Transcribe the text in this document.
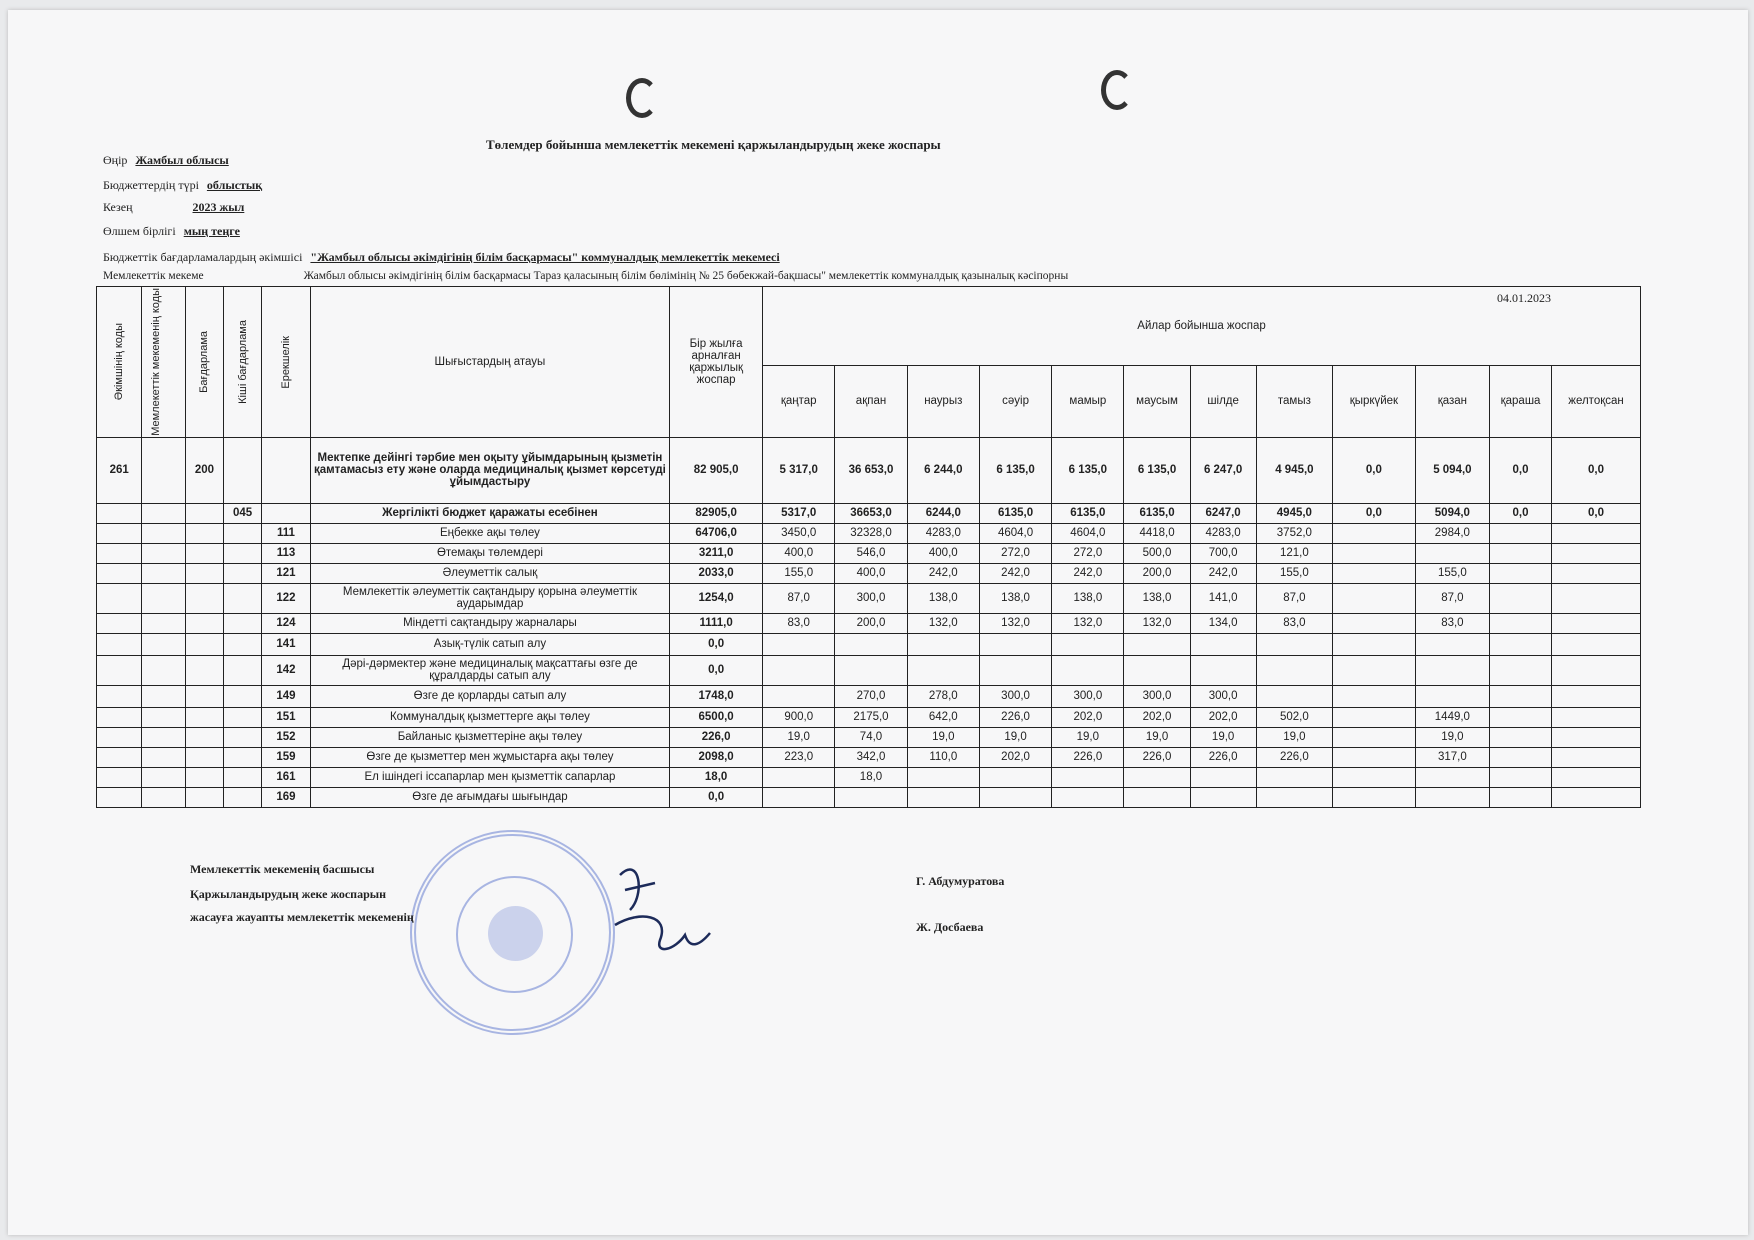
Төлемдер бойынша мемлекеттік мекемені қаржыландырудың жеке жоспары
Өңір Жамбыл облысы
Бюджеттердің түрі облыстық
Кезең	2023 жыл
Өлшем бірлігі мың теңге
Бюджеттік бағдарламалардың әкімшісі "Жамбыл облысы әкімдігінің білім басқармасы" коммуналдық мемлекеттік мекемесі
Мемлекеттік мекеме	Жамбыл облысы әкімдігінің білім басқармасы Тараз қаласының білім бөлімінің № 25 бөбекжай-бақшасы" мемлекеттік коммуналдық қазыналық кәсіпорны
04.01.2023
Әкімшінің коды	Мемлекеттік мекеменің коды	Бағдарлама	Кіші бағдарлама	Ерекшелік	Шығыстардың атауы	Бір жылға арналған қаржылық жоспар	Айлар бойынша жоспар											
							қаңтар	ақпан	наурыз	сәуір	мамыр	маусым	шілде	тамыз	қыркүйек	қазан	қараша	желтоқсан
261		200			Мектепке дейінгі тәрбие мен оқыту ұйымдарының қызметін қамтамасыз ету және оларда медициналық қызмет көрсетуді ұйымдастыру	82 905,0	5 317,0	36 653,0	6 244,0	6 135,0	6 135,0	6 135,0	6 247,0	4 945,0	0,0	5 094,0	0,0	0,0
			045		Жергілікті бюджет қаражаты есебінен	82905,0	5317,0	36653,0	6244,0	6135,0	6135,0	6135,0	6247,0	4945,0	0,0	5094,0	0,0	0,0
				111	Еңбекке ақы төлеу	64706,0	3450,0	32328,0	4283,0	4604,0	4604,0	4418,0	4283,0	3752,0		2984,0		
				113	Өтемақы төлемдері	3211,0	400,0	546,0	400,0	272,0	272,0	500,0	700,0	121,0				
				121	Әлеуметтік салық	2033,0	155,0	400,0	242,0	242,0	242,0	200,0	242,0	155,0		155,0		
				122	Мемлекеттік әлеуметтік сақтандыру қорына әлеуметтік аударымдар	1254,0	87,0	300,0	138,0	138,0	138,0	138,0	141,0	87,0		87,0		
				124	Міндетті сақтандыру жарналары	1111,0	83,0	200,0	132,0	132,0	132,0	132,0	134,0	83,0		83,0		
				141	Азық-түлік сатып алу	0,0												
				142	Дәрі-дәрмектер және медициналық мақсаттағы өзге де құралдарды сатып алу	0,0												
				149	Өзге де қорларды сатып алу	1748,0		270,0	278,0	300,0	300,0	300,0	300,0					
				151	Коммуналдық қызметтерге ақы төлеу	6500,0	900,0	2175,0	642,0	226,0	202,0	202,0	202,0	502,0		1449,0		
				152	Байланыс қызметтеріне ақы төлеу	226,0	19,0	74,0	19,0	19,0	19,0	19,0	19,0	19,0		19,0		
				159	Өзге де қызметтер мен жұмыстарға ақы төлеу	2098,0	223,0	342,0	110,0	202,0	226,0	226,0	226,0	226,0		317,0		
				161	Ел ішіндегі іссапарлар мен қызметтік сапарлар	18,0		18,0										
				169	Өзге де ағымдағы шығындар	0,0												
Мемлекеттік мекеменің басшысы
Г. Абдумуратова
Қаржыландырудың жеке жоспарын
жасауға жауапты мемлекеттік мекеменің
Ж. Досбаева
